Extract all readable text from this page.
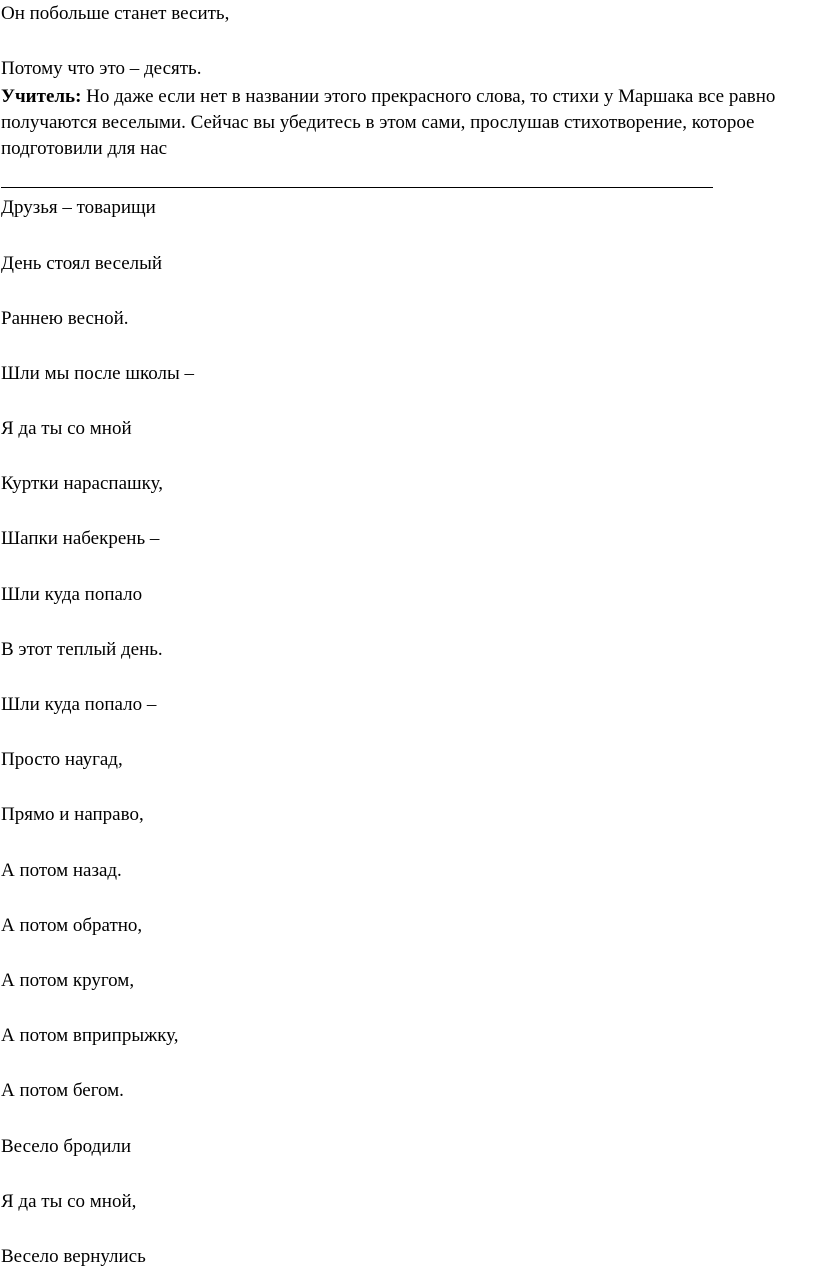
Он побольше станет весить,
Потому что это – десять.
Учитель: Но даже если нет в названии этого прекрасного слова, то стихи у Маршака все равно получаются веселыми. Сейчас вы убедитесь в этом сами, прослушав стихотворение, которое подготовили для нас
Друзья – товарищи
День стоял веселый
Раннею весной.
Шли мы после школы –
Я да ты со мной
Куртки нараспашку,
Шапки набекрень –
Шли куда попало
В этот теплый день.
Шли куда попало –
Просто наугад,
Прямо и направо,
А потом назад.
А потом обратно,
А потом кругом,
А потом вприпрыжку,
А потом бегом.
Весело бродили
Я да ты со мной,
Весело вернулись
